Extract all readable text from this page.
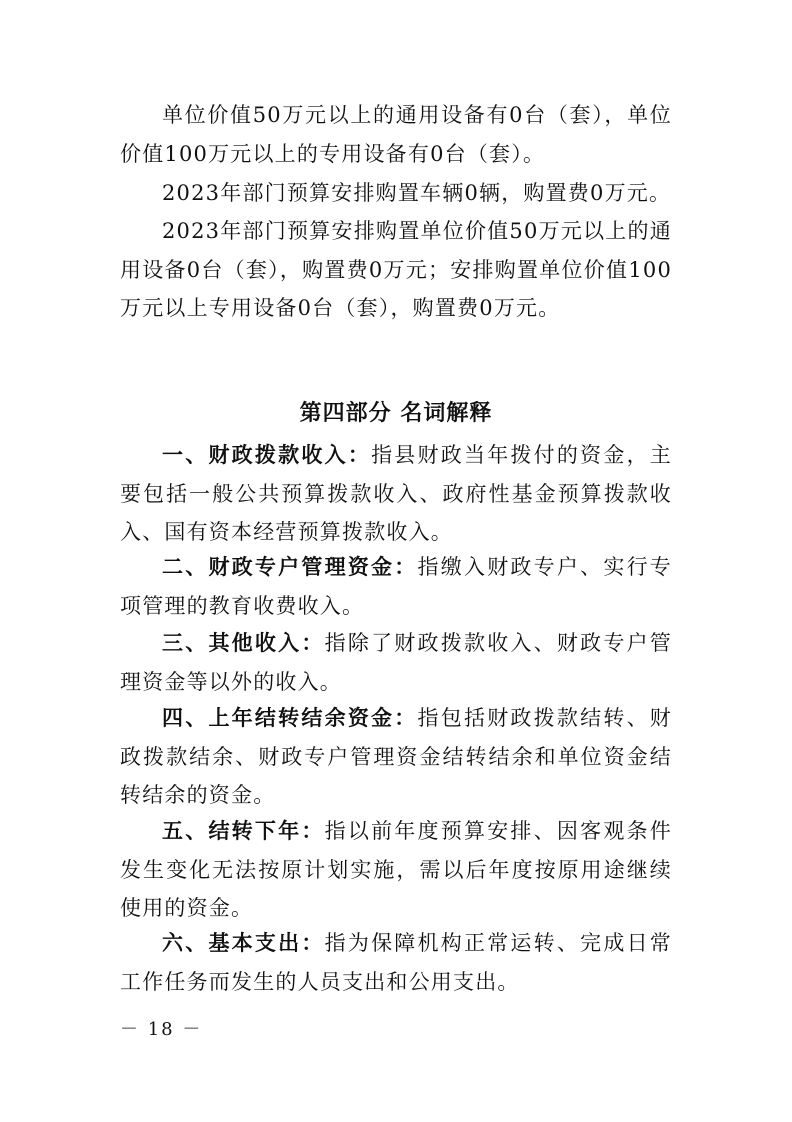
单位价值50万元以上的通用设备有0台（套），单位价值100万元以上的专用设备有0台（套）。

2023年部门预算安排购置车辆0辆，购置费0万元。

2023年部门预算安排购置单位价值50万元以上的通用设备0台（套），购置费0万元；安排购置单位价值100万元以上专用设备0台（套），购置费0万元。

第四部分 名词解释

一、财政拨款收入：指县财政当年拨付的资金，主要包括一般公共预算拨款收入、政府性基金预算拨款收入、国有资本经营预算拨款收入。

二、财政专户管理资金：指缴入财政专户、实行专项管理的教育收费收入。

三、其他收入：指除了财政拨款收入、财政专户管理资金等以外的收入。

四、上年结转结余资金：指包括财政拨款结转、财政拨款结余、财政专户管理资金结转结余和单位资金结转结余的资金。

五、结转下年：指以前年度预算安排、因客观条件发生变化无法按原计划实施，需以后年度按原用途继续使用的资金。

六、基本支出：指为保障机构正常运转、完成日常工作任务而发生的人员支出和公用支出。

－ 18 －
